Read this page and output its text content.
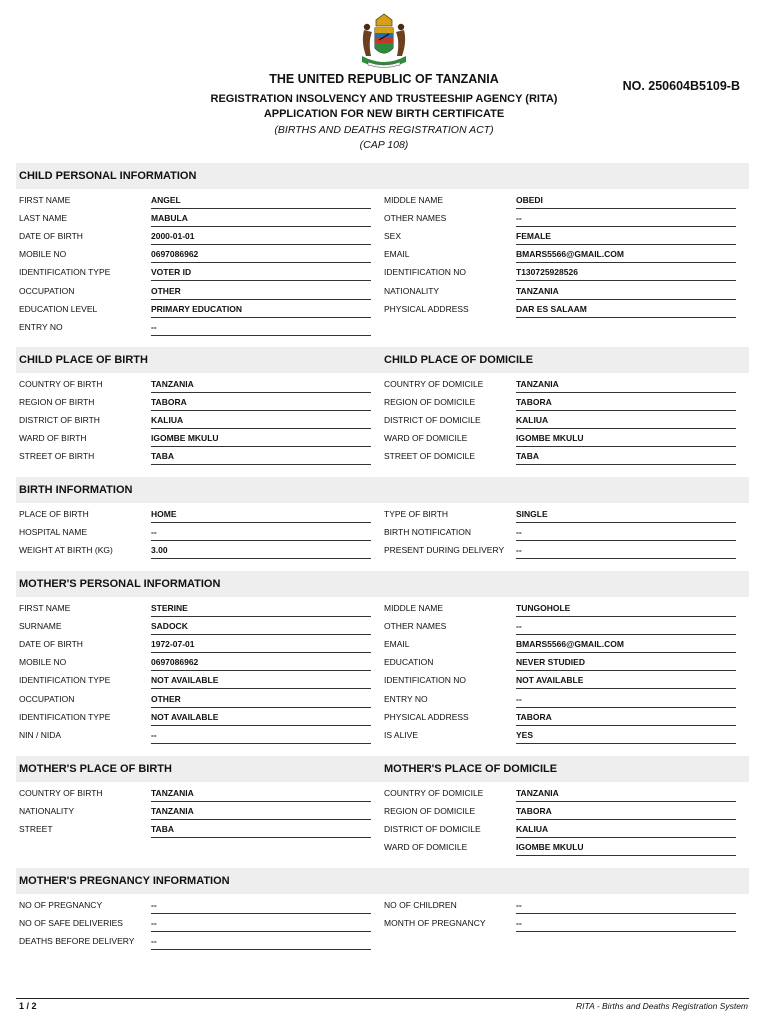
THE UNITED REPUBLIC OF TANZANIA
REGISTRATION INSOLVENCY AND TRUSTEESHIP AGENCY (RITA)
APPLICATION FOR NEW BIRTH CERTIFICATE
(BIRTHS AND DEATHS REGISTRATION ACT)
(CAP 108)
NO. 250604B5109-B
CHILD PERSONAL INFORMATION
FIRST NAME	ANGEL
LAST NAME	MABULA
DATE OF BIRTH	2000-01-01
MOBILE NO	0697086962
IDENTIFICATION TYPE	VOTER ID
OCCUPATION	OTHER
EDUCATION LEVEL	PRIMARY EDUCATION
ENTRY NO	--
MIDDLE NAME	OBEDI
OTHER NAMES	--
SEX	FEMALE
EMAIL	BMARS5566@GMAIL.COM
IDENTIFICATION NO	T130725928526
NATIONALITY	TANZANIA
PHYSICAL ADDRESS	DAR ES SALAAM
CHILD PLACE OF BIRTH	CHILD PLACE OF DOMICILE
COUNTRY OF BIRTH	TANZANIA
REGION OF BIRTH	TABORA
DISTRICT OF BIRTH	KALIUA
WARD OF BIRTH	IGOMBE MKULU
STREET OF BIRTH	TABA
COUNTRY OF DOMICILE	TANZANIA
REGION OF DOMICILE	TABORA
DISTRICT OF DOMICILE	KALIUA
WARD OF DOMICILE	IGOMBE MKULU
STREET OF DOMICILE	TABA
BIRTH INFORMATION
PLACE OF BIRTH	HOME
HOSPITAL NAME	--
WEIGHT AT BIRTH (KG)	3.00
TYPE OF BIRTH	SINGLE
BIRTH NOTIFICATION	--
PRESENT DURING DELIVERY --
MOTHER'S PERSONAL INFORMATION
FIRST NAME	STERINE
SURNAME	SADOCK
DATE OF BIRTH	1972-07-01
MOBILE NO	0697086962
IDENTIFICATION TYPE	NOT AVAILABLE
OCCUPATION	OTHER
IDENTIFICATION TYPE	NOT AVAILABLE
NIN / NIDA	--
MIDDLE NAME	TUNGOHOLE
OTHER NAMES	--
EMAIL	BMARS5566@GMAIL.COM
EDUCATION	NEVER STUDIED
IDENTIFICATION NO	NOT AVAILABLE
ENTRY NO	--
PHYSICAL ADDRESS	TABORA
IS ALIVE	YES
MOTHER'S PLACE OF BIRTH	MOTHER'S PLACE OF DOMICILE
COUNTRY OF BIRTH	TANZANIA
NATIONALITY	TANZANIA
STREET	TABA
COUNTRY OF DOMICILE	TANZANIA
REGION OF DOMICILE	TABORA
DISTRICT OF DOMICILE	KALIUA
WARD OF DOMICILE	IGOMBE MKULU
MOTHER'S PREGNANCY INFORMATION
NO OF PREGNANCY	--
NO OF SAFE DELIVERIES	--
DEATHS BEFORE DELIVERY --
NO OF CHILDREN	--
MONTH OF PREGNANCY	--
1 / 2	RITA - Births and Deaths Registration System
